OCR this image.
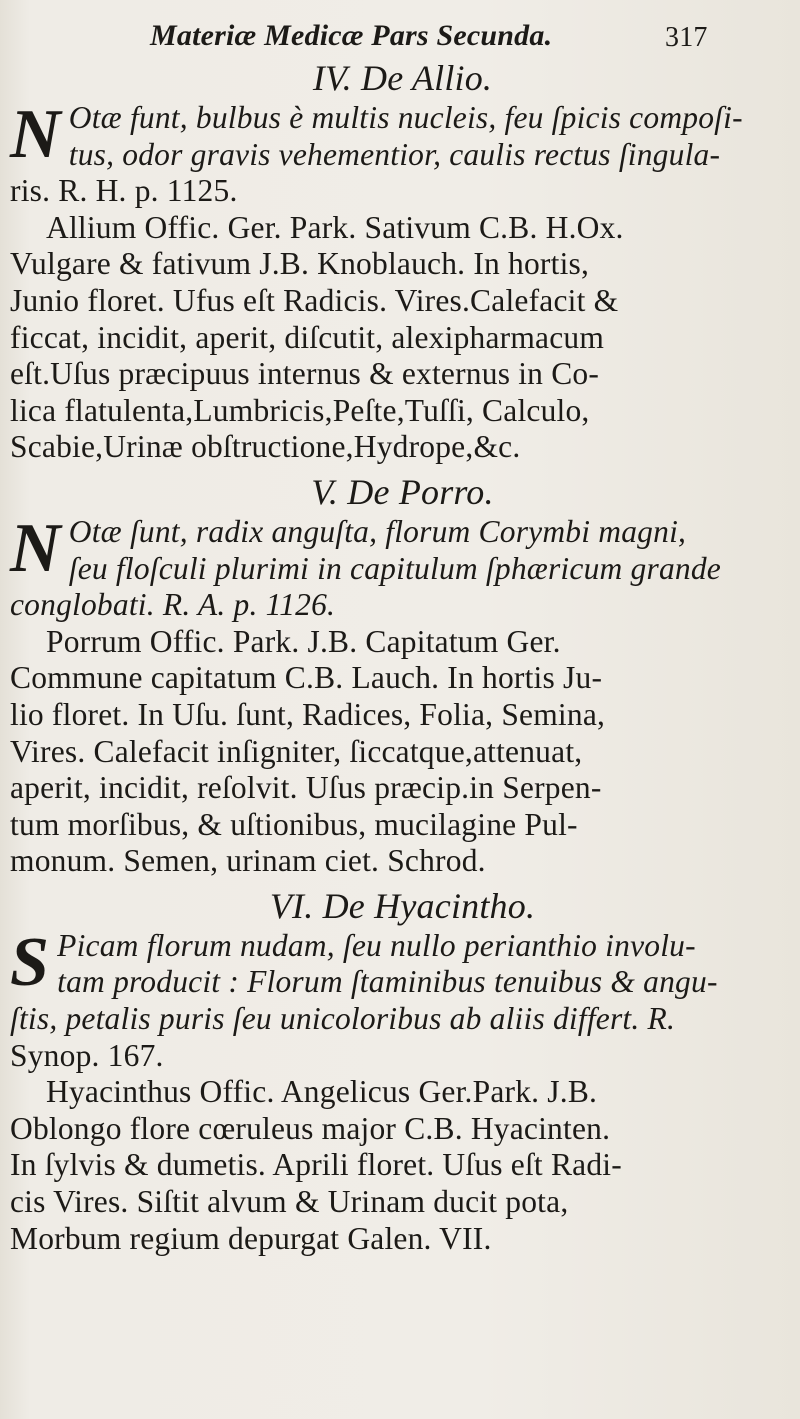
Materiæ Medicæ Pars Secunda.	317
IV. De Allio.
N Otæ funt, bulbus è multis nucleis, feu ſpicis compoſi-
tus, odor gravis vehementior, caulis rectus ſingula-
ris. R. H. p. 1125.
Allium Offic. Ger. Park. Sativum C.B. H.Ox.
Vulgare & fativum J.B. Knoblauch. In hortis,
Junio floret. Ufus eſt Radicis. Vires.Calefacit &
ficcat, incidit, aperit, diſcutit, alexipharmacum
eſt.Uſus præcipuus internus & externus in Co-
lica flatulenta,Lumbricis,Peſte,Tuſſi, Calculo,
Scabie,Urinæ obſtructione,Hydrope,&c.
V. De Porro.
N Otæ ſunt, radix anguſta, florum Corymbi magni,
ſeu floſculi plurimi in capitulum ſphæricum grande
conglobati. R. A. p. 1126.
Porrum Offic. Park. J.B. Capitatum Ger.
Commune capitatum C.B. Lauch. In hortis Ju-
lio floret. In Uſu. ſunt, Radices, Folia, Semina,
Vires. Calefacit inſigniter, ſiccatque,attenuat,
aperit, incidit, reſolvit. Uſus præcip.in Serpen-
tum morſibus, & uſtionibus, mucilagine Pul-
monum. Semen, urinam ciet. Schrod.
VI. De Hyacintho.
S Picam florum nudam, ſeu nullo perianthio involu-
tam producit : Florum ſtaminibus tenuibus & angu-
ſtis, petalis puris ſeu unicoloribus ab aliis differt. R.
Synop. 167.
Hyacinthus Offic. Angelicus Ger.Park. J.B.
Oblongo flore cœruleus major C.B. Hyacinten.
In ſylvis & dumetis. Aprili floret. Uſus eſt Radi-
cis Vires. Siſtit alvum & Urinam ducit pota,
Morbum regium depurgat Galen. VII.
